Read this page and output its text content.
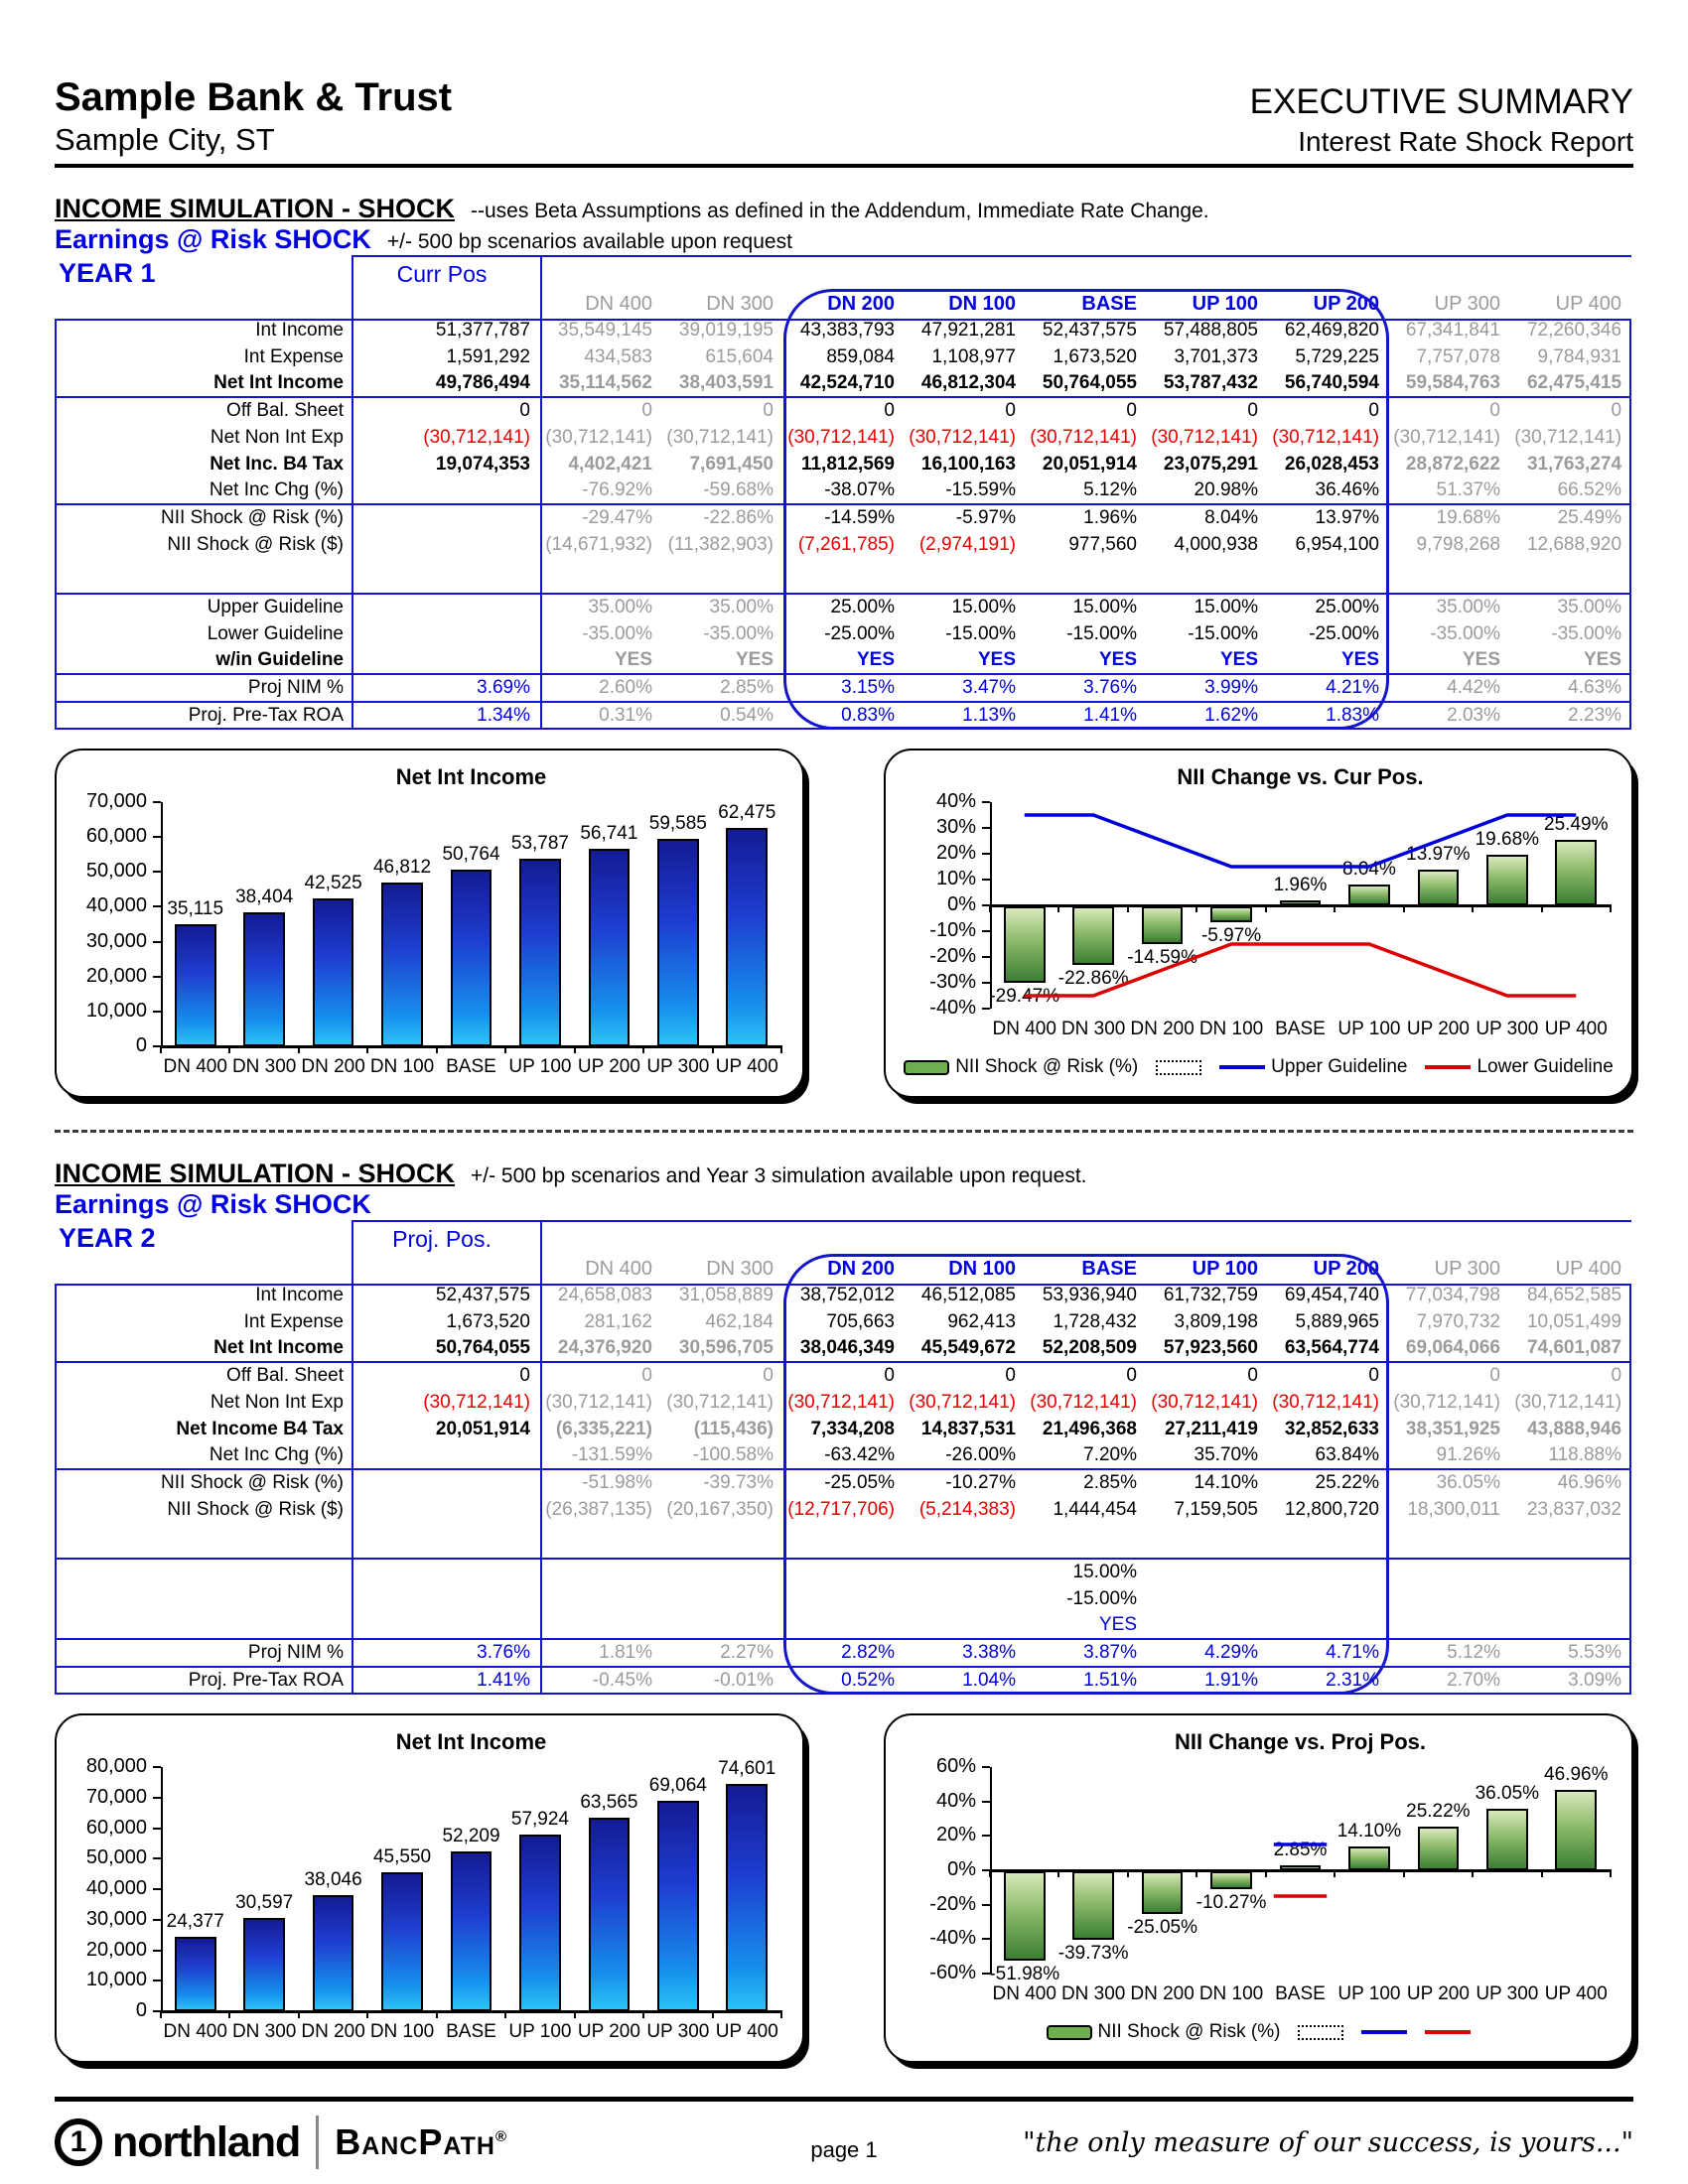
Sample Bank & Trust
Sample City, ST
EXECUTIVE SUMMARY
Interest Rate Shock Report
INCOME SIMULATION - SHOCK --uses Beta Assumptions as defined in the Addendum, Immediate Rate Change.
Earnings @ Risk SHOCK +/- 500 bp scenarios available upon request
YEAR 1	Curr Pos									
		DN 400	DN 300	DN 200	DN 100	BASE	UP 100	UP 200	UP 300	UP 400
Int Income	51,377,787	35,549,145	39,019,195	43,383,793	47,921,281	52,437,575	57,488,805	62,469,820	67,341,841	72,260,346
Int Expense	1,591,292	434,583	615,604	859,084	1,108,977	1,673,520	3,701,373	5,729,225	7,757,078	9,784,931
Net Int Income	49,786,494	35,114,562	38,403,591	42,524,710	46,812,304	50,764,055	53,787,432	56,740,594	59,584,763	62,475,415
Off Bal. Sheet	0	0	0	0	0	0	0	0	0	0
Net Non Int Exp	(30,712,141)	(30,712,141)	(30,712,141)	(30,712,141)	(30,712,141)	(30,712,141)	(30,712,141)	(30,712,141)	(30,712,141)	(30,712,141)
Net Inc. B4 Tax	19,074,353	4,402,421	7,691,450	11,812,569	16,100,163	20,051,914	23,075,291	26,028,453	28,872,622	31,763,274
Net Inc Chg (%)		-76.92%	-59.68%	-38.07%	-15.59%	5.12%	20.98%	36.46%	51.37%	66.52%
NII Shock @ Risk (%)		-29.47%	-22.86%	-14.59%	-5.97%	1.96%	8.04%	13.97%	19.68%	25.49%
NII Shock @ Risk ($)		(14,671,932)	(11,382,903)	(7,261,785)	(2,974,191)	977,560	4,000,938	6,954,100	9,798,268	12,688,920

Upper Guideline		35.00%	35.00%	25.00%	15.00%	15.00%	15.00%	25.00%	35.00%	35.00%
Lower Guideline		-35.00%	-35.00%	-25.00%	-15.00%	-15.00%	-15.00%	-25.00%	-35.00%	-35.00%
w/in Guideline		YES	YES	YES	YES	YES	YES	YES	YES	YES
Proj NIM %	3.69%	2.60%	2.85%	3.15%	3.47%	3.76%	3.99%	4.21%	4.42%	4.63%
Proj. Pre-Tax ROA	1.34%	0.31%	0.54%	0.83%	1.13%	1.41%	1.62%	1.83%	2.03%	2.23%
Net Int Income
70,000
60,000
50,000
40,000
30,000
20,000
10,000
0
35,115
DN 400
38,404
DN 300
42,525
DN 200
46,812
DN 100
50,764
BASE
53,787
UP 100
56,741
UP 200
59,585
UP 300
62,475
UP 400
NII Change vs. Cur Pos.
40%
30%
20%
10%
0%
-10%
-20%
-30%
-40%
-29.47%
DN 400
-22.86%
DN 300
-14.59%
DN 200
-5.97%
DN 100
1.96%
BASE
8.04%
UP 100
13.97%
UP 200
19.68%
UP 300
25.49%
UP 400
NII Shock @ Risk (%)	Upper Guideline	Lower Guideline
INCOME SIMULATION - SHOCK +/- 500 bp scenarios and Year 3 simulation available upon request.
Earnings @ Risk SHOCK
YEAR 2	Proj. Pos.									
		DN 400	DN 300	DN 200	DN 100	BASE	UP 100	UP 200	UP 300	UP 400
Int Income	52,437,575	24,658,083	31,058,889	38,752,012	46,512,085	53,936,940	61,732,759	69,454,740	77,034,798	84,652,585
Int Expense	1,673,520	281,162	462,184	705,663	962,413	1,728,432	3,809,198	5,889,965	7,970,732	10,051,499
Net Int Income	50,764,055	24,376,920	30,596,705	38,046,349	45,549,672	52,208,509	57,923,560	63,564,774	69,064,066	74,601,087
Off Bal. Sheet	0	0	0	0	0	0	0	0	0	0
Net Non Int Exp	(30,712,141)	(30,712,141)	(30,712,141)	(30,712,141)	(30,712,141)	(30,712,141)	(30,712,141)	(30,712,141)	(30,712,141)	(30,712,141)
Net Income B4 Tax	20,051,914	(6,335,221)	(115,436)	7,334,208	14,837,531	21,496,368	27,211,419	32,852,633	38,351,925	43,888,946
Net Inc Chg (%)		-131.59%	-100.58%	-63.42%	-26.00%	7.20%	35.70%	63.84%	91.26%	118.88%
NII Shock @ Risk (%)		-51.98%	-39.73%	-25.05%	-10.27%	2.85%	14.10%	25.22%	36.05%	46.96%
NII Shock @ Risk ($)		(26,387,135)	(20,167,350)	(12,717,706)	(5,214,383)	1,444,454	7,159,505	12,800,720	18,300,011	23,837,032

						15.00%				
						-15.00%				
						YES				
Proj NIM %	3.76%	1.81%	2.27%	2.82%	3.38%	3.87%	4.29%	4.71%	5.12%	5.53%
Proj. Pre-Tax ROA	1.41%	-0.45%	-0.01%	0.52%	1.04%	1.51%	1.91%	2.31%	2.70%	3.09%
Net Int Income
80,000
70,000
60,000
50,000
40,000
30,000
20,000
10,000
0
24,377
DN 400
30,597
DN 300
38,046
DN 200
45,550
DN 100
52,209
BASE
57,924
UP 100
63,565
UP 200
69,064
UP 300
74,601
UP 400
NII Change vs. Proj Pos.
60%
40%
20%
0%
-20%
-40%
-60% -51.98%
DN 400
-39.73%
DN 300
-25.05%
DN 200
-10.27%
DN 100
2.85%
BASE
14.10%
UP 100
25.22%
UP 200
36.05%
UP 300
46.96%
UP 400
NII Shock @ Risk (%)
1 northland BancPath®
page 1	"the only measure of our success, is yours..."
